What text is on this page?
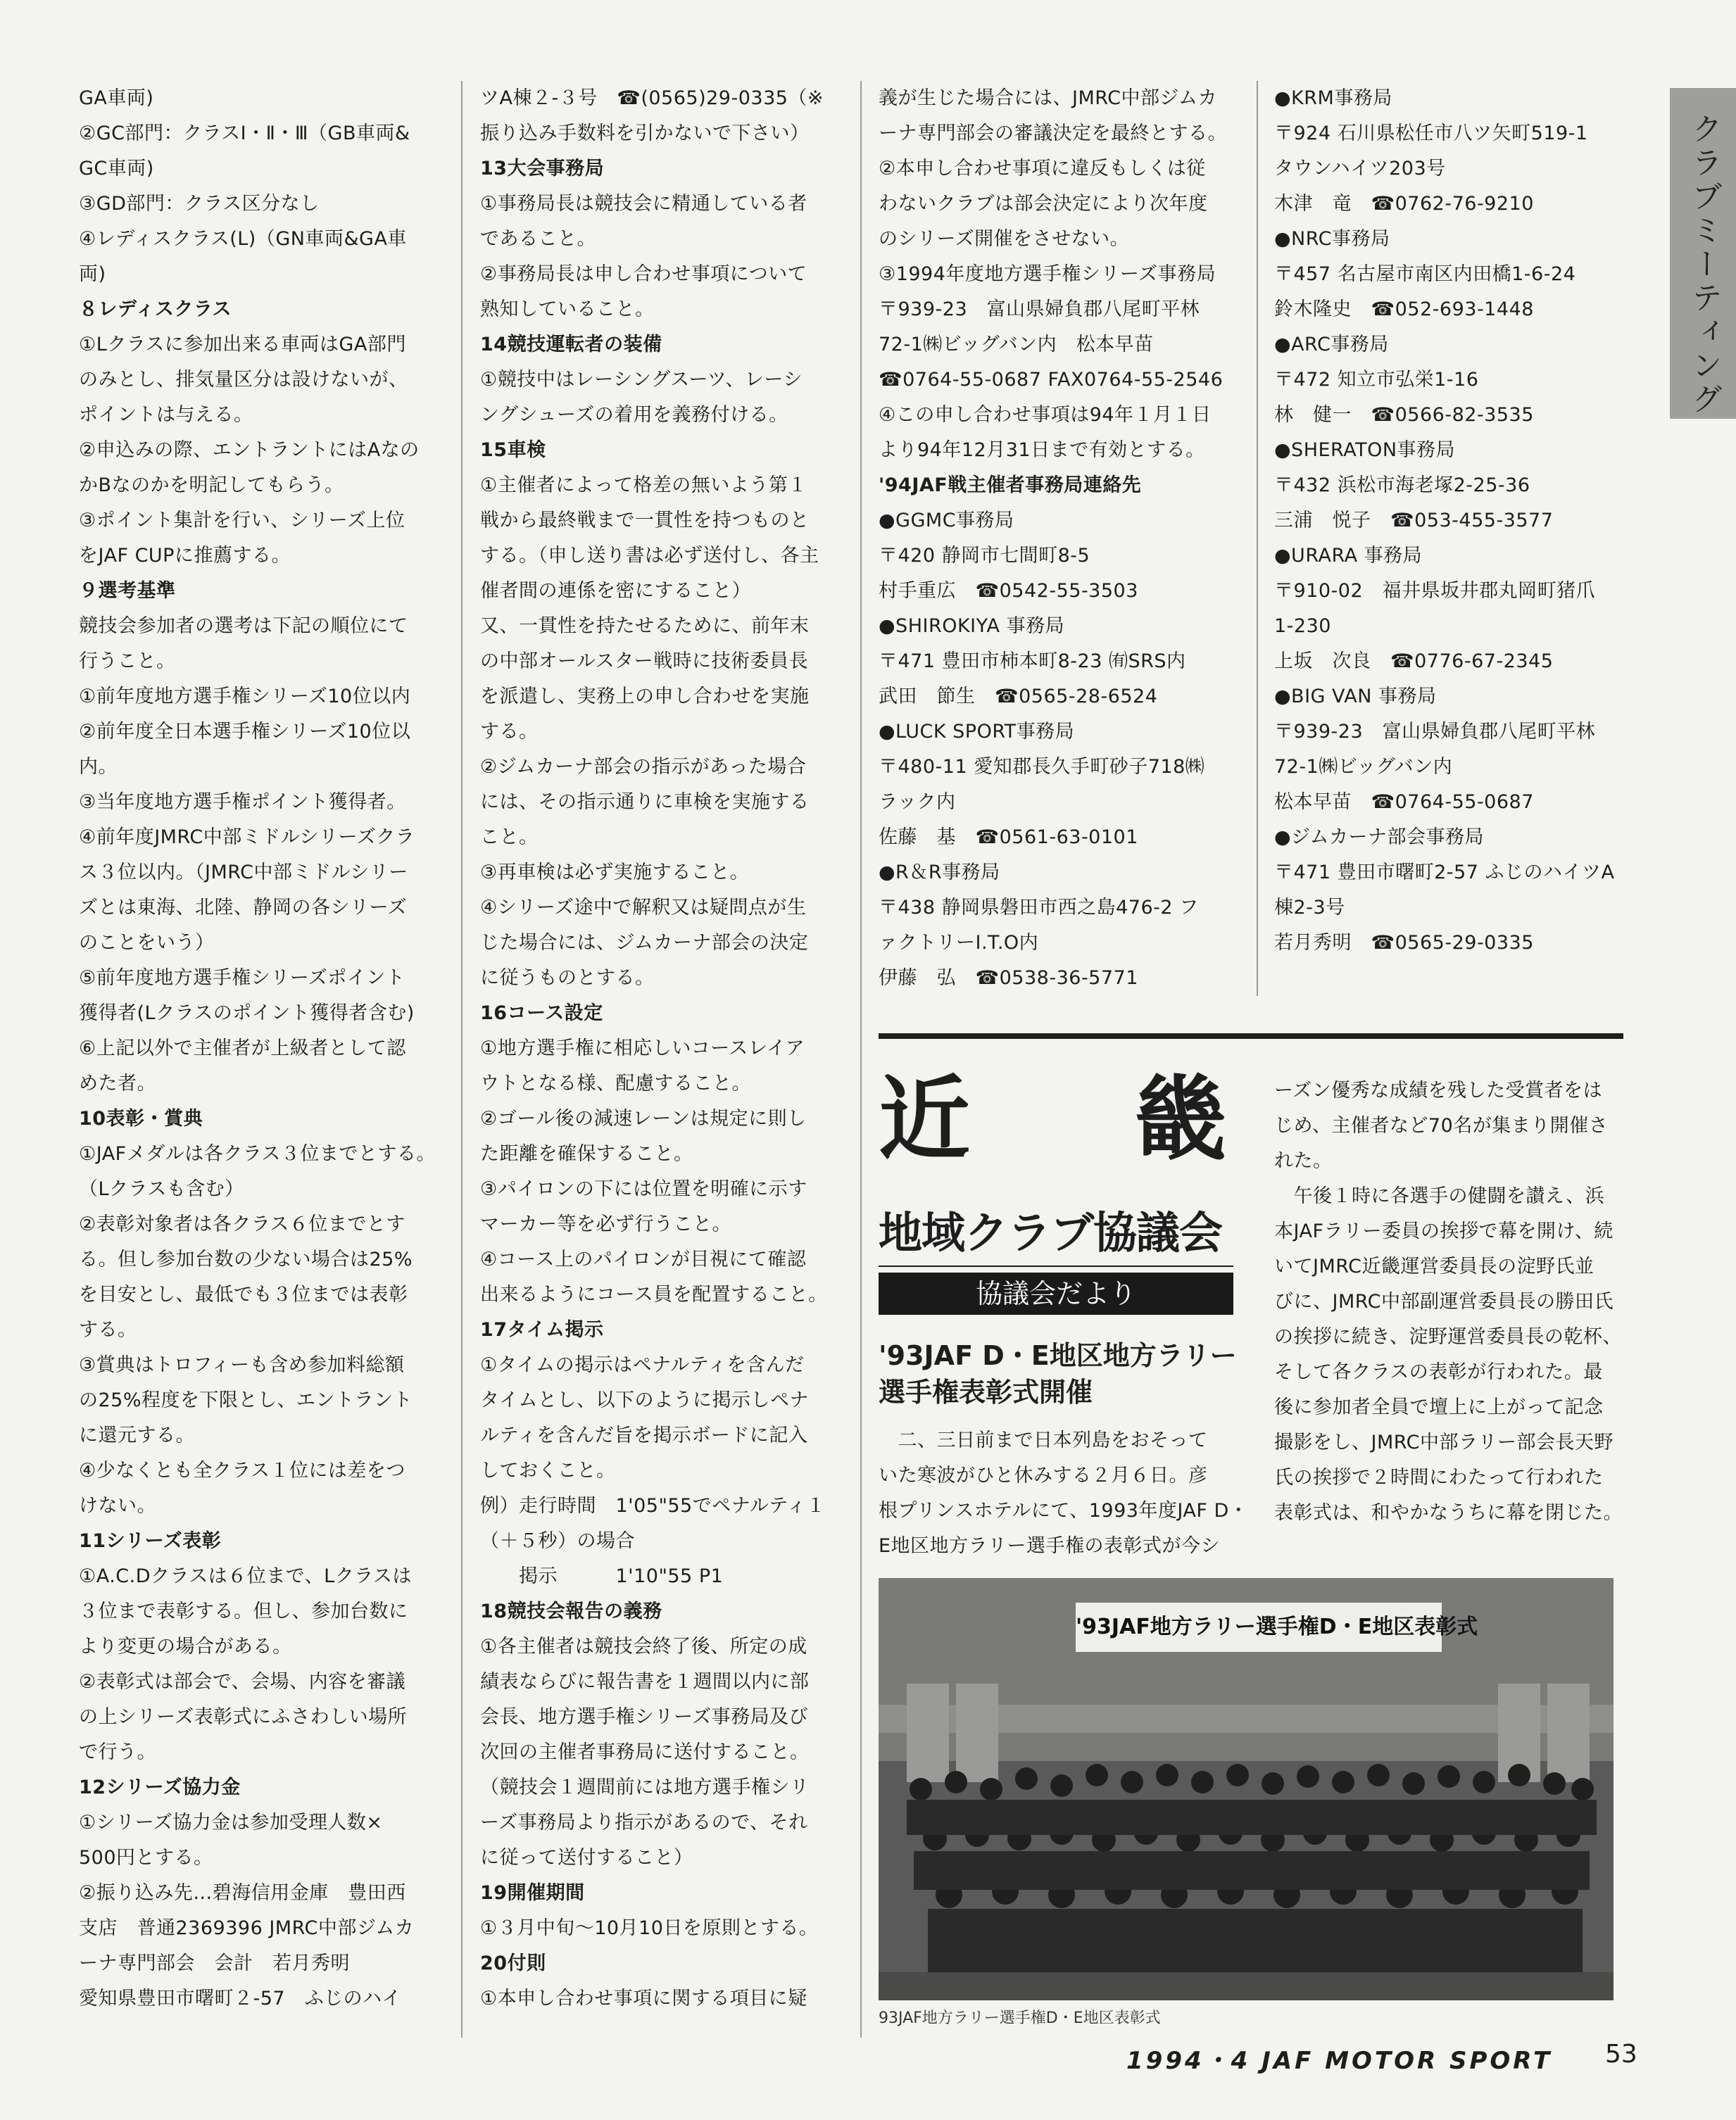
クラブミーティング
GA車両)
②GC部門：クラスⅠ・Ⅱ・Ⅲ（GB車両&
GC車両)
③GD部門：クラス区分なし
④レディスクラス(L)（GN車両&GA車
両)
８レディスクラス
①Lクラスに参加出来る車両はGA部門
のみとし、排気量区分は設けないが、
ポイントは与える。
②申込みの際、エントラントにはAなの
かBなのかを明記してもらう。
③ポイント集計を行い、シリーズ上位
をJAF CUPに推薦する。
９選考基準
競技会参加者の選考は下記の順位にて
行うこと。
①前年度地方選手権シリーズ10位以内
②前年度全日本選手権シリーズ10位以
内。
③当年度地方選手権ポイント獲得者。
④前年度JMRC中部ミドルシリーズクラ
ス３位以内。（JMRC中部ミドルシリー
ズとは東海、北陸、静岡の各シリーズ
のことをいう）
⑤前年度地方選手権シリーズポイント
獲得者(Lクラスのポイント獲得者含む)
⑥上記以外で主催者が上級者として認
めた者。
10表彰・賞典
①JAFメダルは各クラス３位までとする。
（Lクラスも含む）
②表彰対象者は各クラス６位までとす
る。但し参加台数の少ない場合は25%
を目安とし、最低でも３位までは表彰
する。
③賞典はトロフィーも含め参加料総額
の25%程度を下限とし、エントラント
に還元する。
④少なくとも全クラス１位には差をつ
けない。
11シリーズ表彰
①A.C.Dクラスは６位まで、Lクラスは
３位まで表彰する。但し、参加台数に
より変更の場合がある。
②表彰式は部会で、会場、内容を審議
の上シリーズ表彰式にふさわしい場所
で行う。
12シリーズ協力金
①シリーズ協力金は参加受理人数×
500円とする。
②振り込み先…碧海信用金庫　豊田西
支店　普通2369396 JMRC中部ジムカ
ーナ専門部会　会計　若月秀明
愛知県豊田市曙町２-57　ふじのハイ
ツA棟２-３号　☎(0565)29-0335（※
振り込み手数料を引かないで下さい）
13大会事務局
①事務局長は競技会に精通している者
であること。
②事務局長は申し合わせ事項について
熟知していること。
14競技運転者の装備
①競技中はレーシングスーツ、レーシ
ングシューズの着用を義務付ける。
15車検
①主催者によって格差の無いよう第１
戦から最終戦まで一貫性を持つものと
する。（申し送り書は必ず送付し、各主
催者間の連係を密にすること）
又、一貫性を持たせるために、前年末
の中部オールスター戦時に技術委員長
を派遣し、実務上の申し合わせを実施
する。
②ジムカーナ部会の指示があった場合
には、その指示通りに車検を実施する
こと。
③再車検は必ず実施すること。
④シリーズ途中で解釈又は疑問点が生
じた場合には、ジムカーナ部会の決定
に従うものとする。
16コース設定
①地方選手権に相応しいコースレイア
ウトとなる様、配慮すること。
②ゴール後の減速レーンは規定に則し
た距離を確保すること。
③パイロンの下には位置を明確に示す
マーカー等を必ず行うこと。
④コース上のパイロンが目視にて確認
出来るようにコース員を配置すること。
17タイム掲示
①タイムの掲示はペナルティを含んだ
タイムとし、以下のように掲示しペナ
ルティを含んだ旨を掲示ボードに記入
しておくこと。
例）走行時間　1'05"55でペナルティ１
（＋５秒）の場合
　　掲示　　　1'10"55 P1
18競技会報告の義務
①各主催者は競技会終了後、所定の成
績表ならびに報告書を１週間以内に部
会長、地方選手権シリーズ事務局及び
次回の主催者事務局に送付すること。
（競技会１週間前には地方選手権シリ
ーズ事務局より指示があるので、それ
に従って送付すること）
19開催期間
①３月中旬～10月10日を原則とする。
20付則
①本申し合わせ事項に関する項目に疑
義が生じた場合には、JMRC中部ジムカ
ーナ専門部会の審議決定を最終とする。
②本申し合わせ事項に違反もしくは従
わないクラブは部会決定により次年度
のシリーズ開催をさせない。
③1994年度地方選手権シリーズ事務局
〒939-23　富山県婦負郡八尾町平林
72-1㈱ビッグバン内　松本早苗
☎0764-55-0687 FAX0764-55-2546
④この申し合わせ事項は94年１月１日
より94年12月31日まで有効とする。
'94JAF戦主催者事務局連絡先
●GGMC事務局
〒420 静岡市七間町8-5
村手重広　☎0542-55-3503
●SHIROKIYA 事務局
〒471 豊田市柿本町8-23 ㈲SRS内
武田　節生　☎0565-28-6524
●LUCK SPORT事務局
〒480-11 愛知郡長久手町砂子718㈱
ラック内
佐藤　基　☎0561-63-0101
●R＆R事務局
〒438 静岡県磐田市西之島476-2 フ
ァクトリーI.T.O内
伊藤　弘　☎0538-36-5771
●KRM事務局
〒924 石川県松任市八ツ矢町519-1
タウンハイツ203号
木津　竜　☎0762-76-9210
●NRC事務局
〒457 名古屋市南区内田橋1-6-24
鈴木隆史　☎052-693-1448
●ARC事務局
〒472 知立市弘栄1-16
林　健一　☎0566-82-3535
●SHERATON事務局
〒432 浜松市海老塚2-25-36
三浦　悦子　☎053-455-3577
●URARA 事務局
〒910-02　福井県坂井郡丸岡町猪爪
1-230
上坂　次良　☎0776-67-2345
●BIG VAN 事務局
〒939-23　富山県婦負郡八尾町平林
72-1㈱ビッグバン内
松本早苗　☎0764-55-0687
●ジムカーナ部会事務局
〒471 豊田市曙町2-57 ふじのハイツA
棟2-3号
若月秀明　☎0565-29-0335
近 畿
地域クラブ協議会
協議会だより
'93JAF D・E地区地方ラリー
選手権表彰式開催
　二、三日前まで日本列島をおそって
いた寒波がひと休みする２月６日。彦
根プリンスホテルにて、1993年度JAF D・
E地区地方ラリー選手権の表彰式が今シ
ーズン優秀な成績を残した受賞者をは
じめ、主催者など70名が集まり開催さ
れた。
　午後１時に各選手の健闘を讃え、浜
本JAFラリー委員の挨拶で幕を開け、続
いてJMRC近畿運営委員長の淀野氏並
びに、JMRC中部副運営委員長の勝田氏
の挨拶に続き、淀野運営委員長の乾杯、
そして各クラスの表彰が行われた。最
後に参加者全員で壇上に上がって記念
撮影をし、JMRC中部ラリー部会長天野
氏の挨拶で２時間にわたって行われた
表彰式は、和やかなうちに幕を閉じた。
'93JAF地方ラリー選手権D・E地区表彰式
93JAF地方ラリー選手権D・E地区表彰式
1994・4 JAF MOTOR SPORT 53
